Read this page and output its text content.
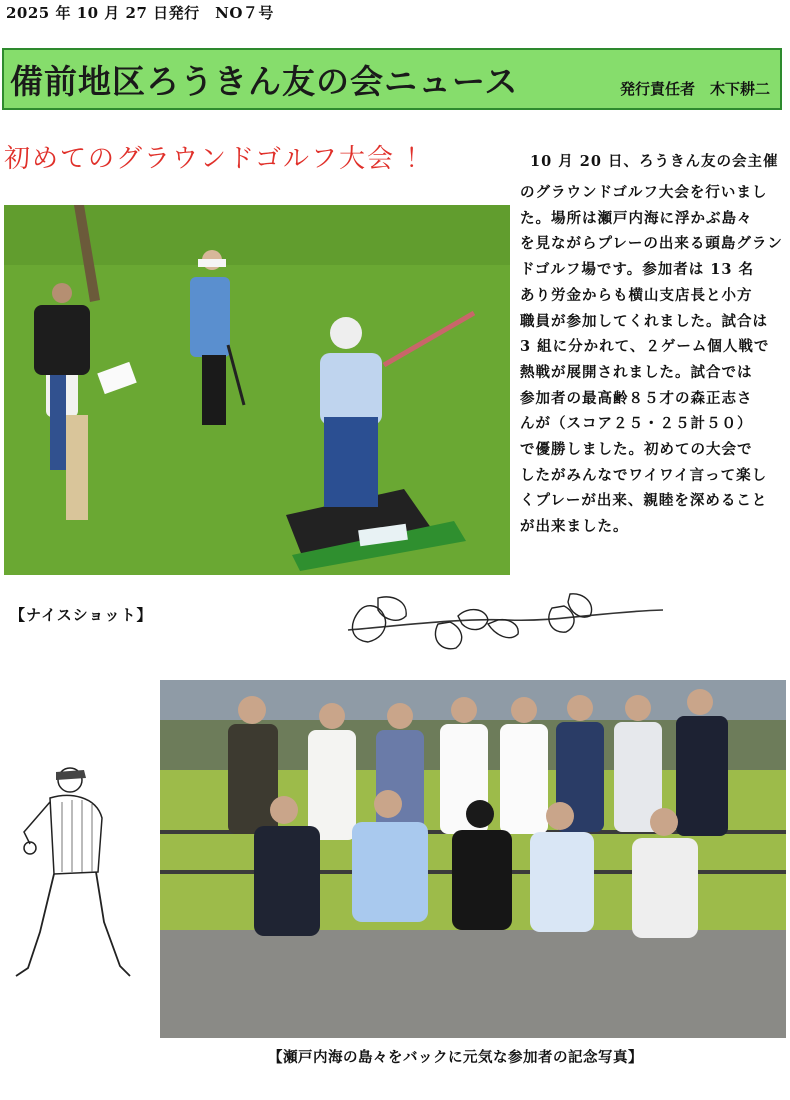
2025 年 10 月 27 日発行　NO７号
備前地区ろうきん友の会ニュース	発行責任者　木下耕二
初めてのグラウンドゴルフ大会 ！	10 月 20 日、ろうきん友の会主催
のグラウンドゴルフ大会を行いまし
た。場所は瀬戸内海に浮かぶ島々
を見ながらプレーの出来る頭島グラン
ドゴルフ場です。参加者は 13 名
あり労金からも横山支店長と小方
職員が参加してくれました。試合は
3 組に分かれて、２ゲーム個人戦で
熱戦が展開されました。試合では
参加者の最高齢８５才の森正志さ
んが（スコア２５・２５計５０）
で優勝しました。初めての大会で
したがみんなでワイワイ言って楽し
くプレーが出来、親睦を深めること
が出来ました。
【ナイスショット】
【瀬戸内海の島々をバックに元気な参加者の記念写真】
